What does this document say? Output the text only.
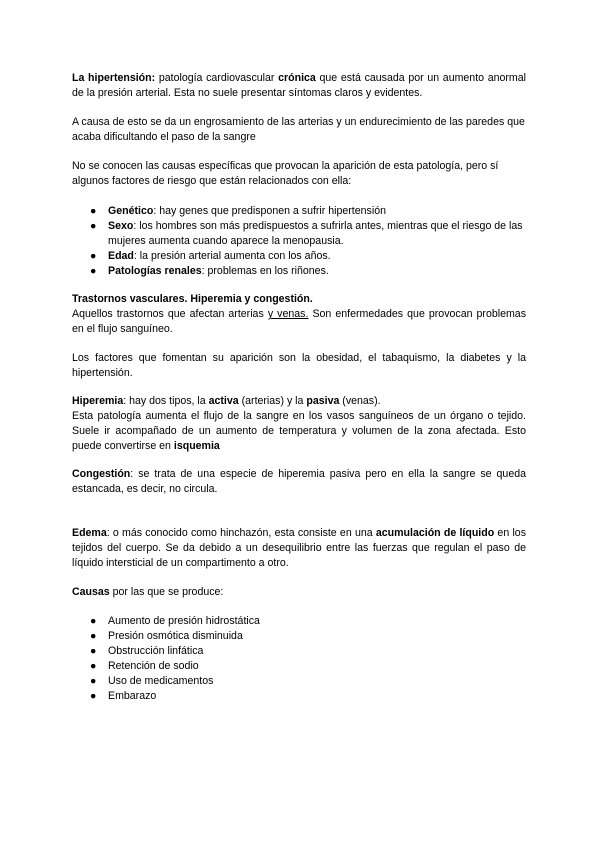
La hipertensión: patología cardiovascular crónica que está causada por un aumento anormal de la presión arterial. Esta no suele presentar síntomas claros y evidentes.

A causa de esto se da un engrosamiento de las arterias y un endurecimiento de las paredes que acaba dificultando el paso de la sangre

No se conocen las causas específicas que provocan la aparición de esta patología, pero sí algunos factores de riesgo que están relacionados con ella:

● Genético: hay genes que predisponen a sufrir hipertensión
● Sexo: los hombres son más predispuestos a sufrirla antes, mientras que el riesgo de las mujeres aumenta cuando aparece la menopausia.
● Edad: la presión arterial aumenta con los años.
● Patologías renales: problemas en los riñones.

Trastornos vasculares. Hiperemia y congestión.

Aquellos trastornos que afectan arterias y venas. Son enfermedades que provocan problemas en el flujo sanguíneo.

Los factores que fomentan su aparición son la obesidad, el tabaquismo, la diabetes y la hipertensión.

Hiperemia: hay dos tipos, la activa (arterias) y la pasiva (venas).

Esta patología aumenta el flujo de la sangre en los vasos sanguíneos de un órgano o tejido. Suele ir acompañado de un aumento de temperatura y volumen de la zona afectada. Esto puede convertirse en isquemia

Congestión: se trata de una especie de hiperemia pasiva pero en ella la sangre se queda estancada, es decir, no circula.

Edema: o más conocido como hinchazón, esta consiste en una acumulación de líquido en los tejidos del cuerpo. Se da debido a un desequilibrio entre las fuerzas que regulan el paso de líquido intersticial de un compartimento a otro.

Causas por las que se produce:

● Aumento de presión hidrostática
● Presión osmótica disminuida
● Obstrucción linfática
● Retención de sodio
● Uso de medicamentos
● Embarazo
